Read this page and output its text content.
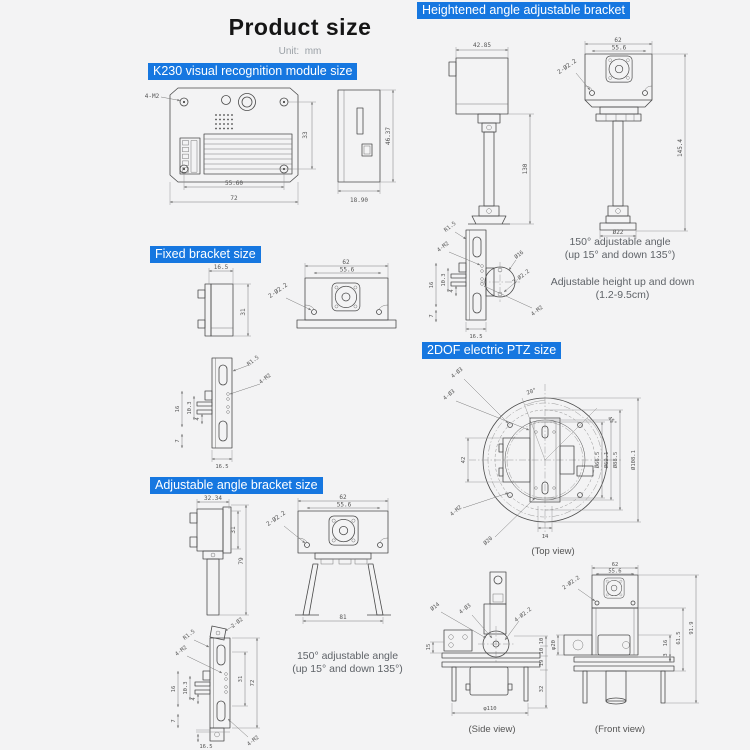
Product size
Unit:  mm
K230 visual recognition module size
Heightened angle adjustable bracket
Fixed bracket size
2DOF electric PTZ size
Adjustable angle bracket size
4-M2
55.60
72
33
18.90
46.37
42.85
130
62
55.6
2-Ø2.2
Ø22
145.4
R1.5
4-M2
Ø16
2-Ø2.2
4-M2
16 10.3
4
7
16.5
150° adjustable angle
(up 15° and down 135°)
Adjustable height up and down
(1.2-9.5cm)
16.5
31
62
55.6
2-Ø2.2
R1.5
4-M2
16 10.3
4
7
16.5
32.34
31
79
62
55.6
2-Ø2.2
81
2-Ø2
R1.5
4-M2
4-M2
16 10.3
4
7
16.5
31
72
150° adjustable angle
(up 15° and down 135°)
20°
45°
4-Ø3
4-Ø3
42
14
4-M2
Ø20
Ø66.5 Ø69.1 Ø88.5 Ø108.1
(Top view)
Ø14	4-Ø3	4-Ø2.2
15
10
10
19
32
φ110
(Side view)
62
55.6
2-Ø2.2
φ20	16
3
61.5
91.9
(Front view)
